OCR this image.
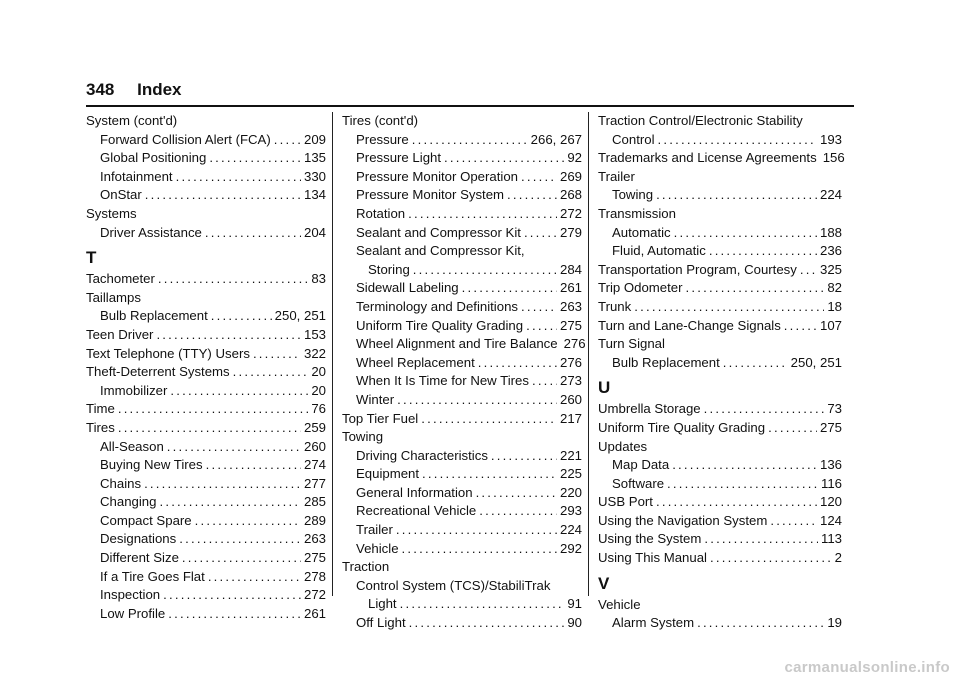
348 Index
System (cont'd)
Forward Collision Alert (FCA) .....	209
Global Positioning .....	135
Infotainment .....	330
OnStar .....	134
Systems
Driver Assistance .....	204
T
Tachometer .....	83
Taillamps
Bulb Replacement .....	250, 251
Teen Driver .....	153
Text Telephone (TTY) Users .....	322
Theft-Deterrent Systems .....	20
Immobilizer .....	20
Time .....	76
Tires .....	259
All-Season .....	260
Buying New Tires .....	274
Chains .....	277
Changing .....	285
Compact Spare .....	289
Designations .....	263
Different Size .....	275
If a Tire Goes Flat .....	278
Inspection .....	272
Low Profile .....	261
Tires (cont'd)
Pressure .....	266, 267
Pressure Light .....	92
Pressure Monitor Operation .....	269
Pressure Monitor System .....	268
Rotation .....	272
Sealant and Compressor Kit .....	279
Sealant and Compressor Kit,
Storing .....	284
Sidewall Labeling .....	261
Terminology and Definitions .....	263
Uniform Tire Quality Grading .....	275
Wheel Alignment and Tire Balance 276
Wheel Replacement .....	276
When It Is Time for New Tires ..... 273
Winter .....	260
Top Tier Fuel .....	217
Towing
Driving Characteristics .....	221
Equipment .....	225
General Information .....	220
Recreational Vehicle .....	293
Trailer .....	224
Vehicle .....	292
Traction
Control System (TCS)/StabiliTrak
Light .....	91
Off Light .....	90
Traction Control/Electronic Stability
Control .....	193
Trademarks and License Agreements 156
Trailer
Towing .....	224
Transmission
Automatic .....	188
Fluid, Automatic .....	236
Transportation Program, Courtesy ..... 325
Trip Odometer .....	82
Trunk .....	18
Turn and Lane-Change Signals .....	107
Turn Signal
Bulb Replacement .....	250, 251
U
Umbrella Storage .....	73
Uniform Tire Quality Grading .....	275
Updates
Map Data .....	136
Software .....	116
USB Port .....	120
Using the Navigation System .....	124
Using the System .....	113
Using This Manual .....	2
V
Vehicle
Alarm System .....	19
carmanualsonline.info
